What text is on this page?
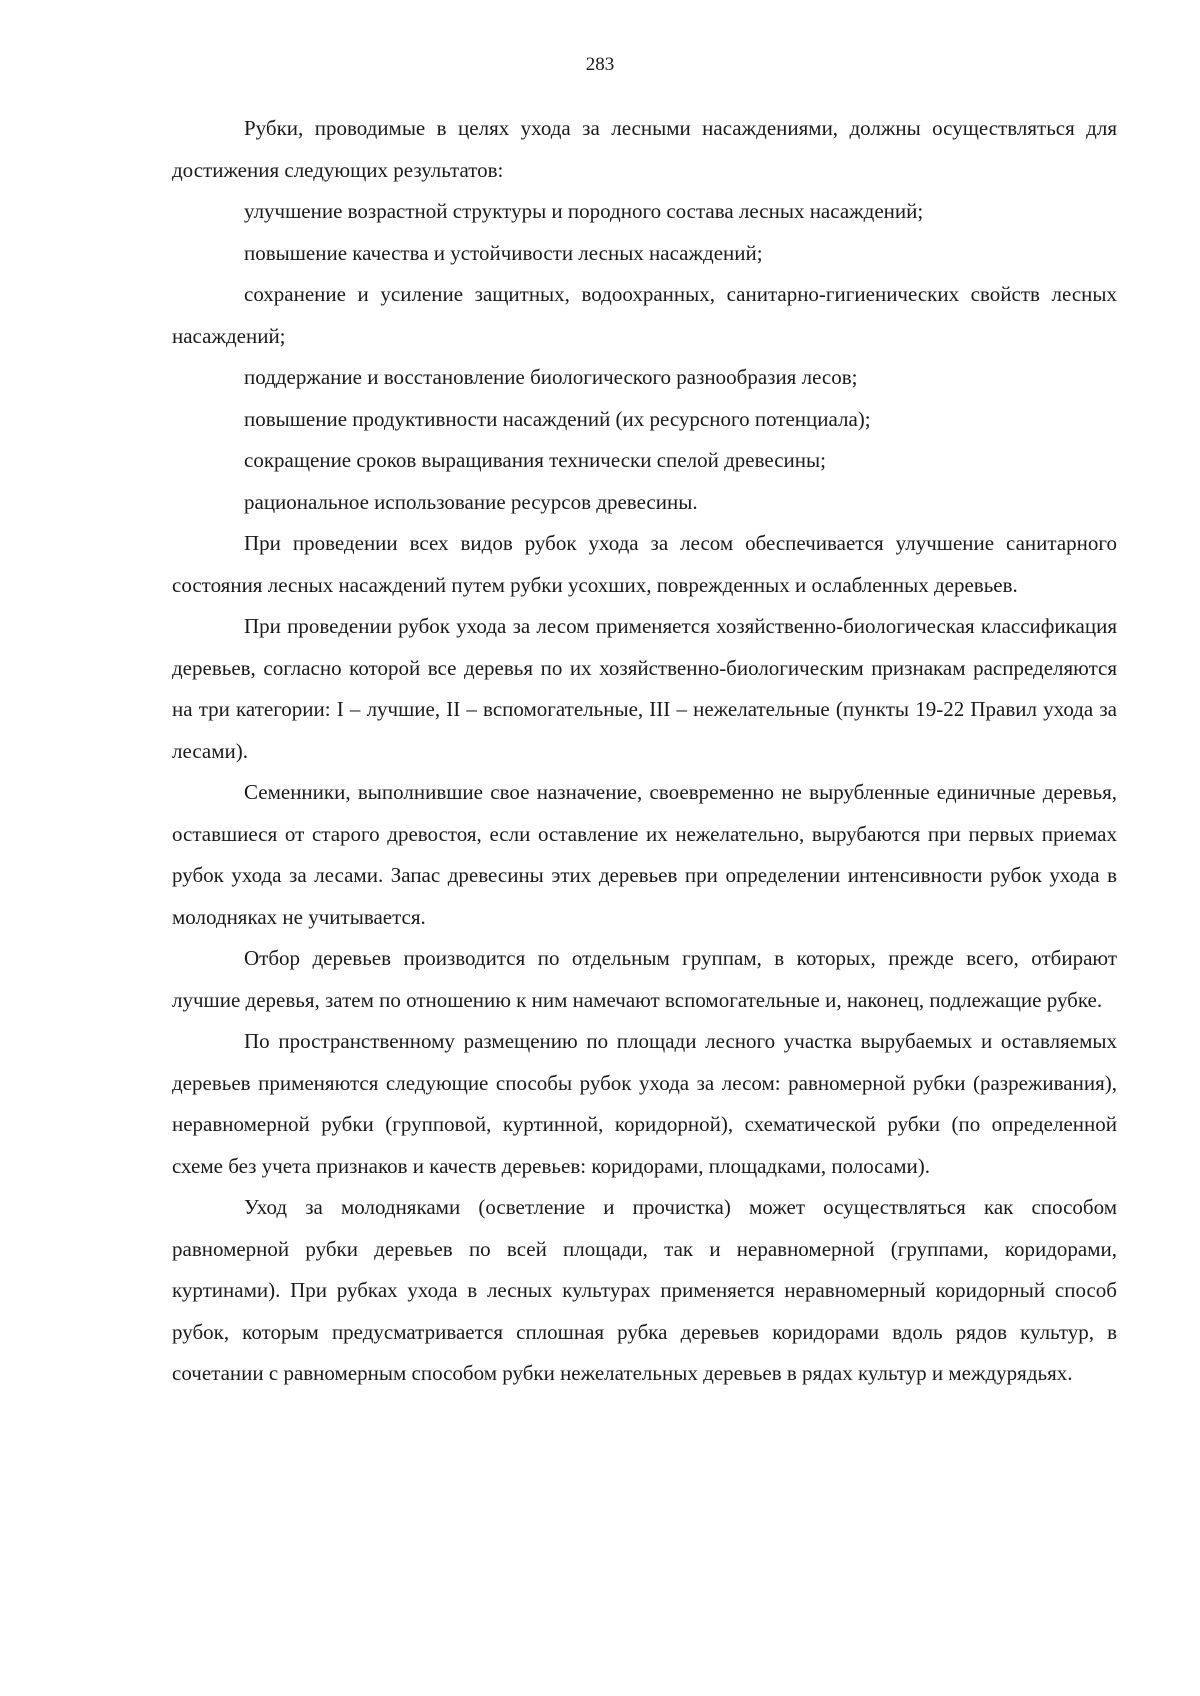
283

Рубки, проводимые в целях ухода за лесными насаждениями, должны осуществляться для достижения следующих результатов:

улучшение возрастной структуры и породного состава лесных насаждений;

повышение качества и устойчивости лесных насаждений;

сохранение и усиление защитных, водоохранных, санитарно-гигиенических свойств лесных насаждений;

поддержание и восстановление биологического разнообразия лесов;

повышение продуктивности насаждений (их ресурсного потенциала);

сокращение сроков выращивания технически спелой древесины;

рациональное использование ресурсов древесины.

При проведении всех видов рубок ухода за лесом обеспечивается улучшение санитарного состояния лесных насаждений путем рубки усохших, поврежденных и ослабленных деревьев.

При проведении рубок ухода за лесом применяется хозяйственно-биологическая классификация деревьев, согласно которой все деревья по их хозяйственно-биологическим признакам распределяются на три категории: I – лучшие, II – вспомогательные, III – нежелательные (пункты 19-22 Правил ухода за лесами).

Семенники, выполнившие свое назначение, своевременно не вырубленные единичные деревья, оставшиеся от старого древостоя, если оставление их нежелательно, вырубаются при первых приемах рубок ухода за лесами. Запас древесины этих деревьев при определении интенсивности рубок ухода в молодняках не учитывается.

Отбор деревьев производится по отдельным группам, в которых, прежде всего, отбирают лучшие деревья, затем по отношению к ним намечают вспомогательные и, наконец, подлежащие рубке.

По пространственному размещению по площади лесного участка вырубаемых и оставляемых деревьев применяются следующие способы рубок ухода за лесом: равномерной рубки (разреживания), неравномерной рубки (групповой, куртинной, коридорной), схематической рубки (по определенной схеме без учета признаков и качеств деревьев: коридорами, площадками, полосами).

Уход за молодняками (осветление и прочистка) может осуществляться как способом равномерной рубки деревьев по всей площади, так и неравномерной (группами, коридорами, куртинами). При рубках ухода в лесных культурах применяется неравномерный коридорный способ рубок, которым предусматривается сплошная рубка деревьев коридорами вдоль рядов культур, в сочетании с равномерным способом рубки нежелательных деревьев в рядах культур и междурядьях.
